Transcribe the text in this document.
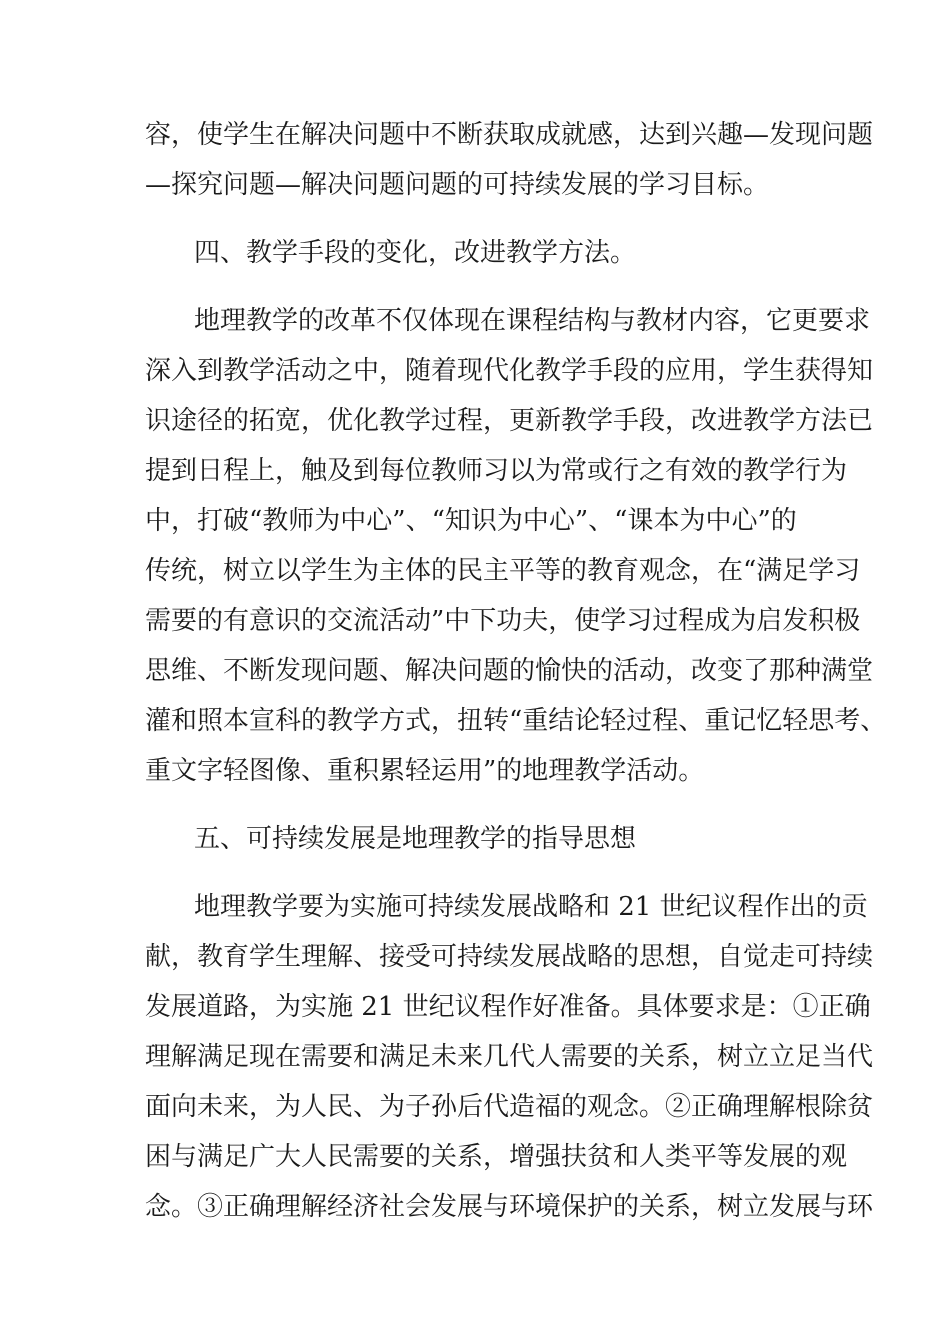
容，使学生在解决问题中不断获取成就感，达到兴趣—发现问题
—探究问题—解决问题问题的可持续发展的学习目标。
四、教学手段的变化，改进教学方法。
地理教学的改革不仅体现在课程结构与教材内容，它更要求
深入到教学活动之中，随着现代化教学手段的应用，学生获得知
识途径的拓宽，优化教学过程，更新教学手段，改进教学方法已
提到日程上，触及到每位教师习以为常或行之有效的教学行为
中，打破“教师为中心”、“知识为中心”、“课本为中心”的
传统，树立以学生为主体的民主平等的教育观念，在“满足学习
需要的有意识的交流活动”中下功夫，使学习过程成为启发积极
思维、不断发现问题、解决问题的愉快的活动，改变了那种满堂
灌和照本宣科的教学方式，扭转“重结论轻过程、重记忆轻思考、
重文字轻图像、重积累轻运用”的地理教学活动。
五、可持续发展是地理教学的指导思想
地理教学要为实施可持续发展战略和 21 世纪议程作出的贡
献，教育学生理解、接受可持续发展战略的思想，自觉走可持续
发展道路，为实施 21 世纪议程作好准备。具体要求是：①正确
理解满足现在需要和满足未来几代人需要的关系，树立立足当代
面向未来，为人民、为子孙后代造福的观念。②正确理解根除贫
困与满足广大人民需要的关系，增强扶贫和人类平等发展的观
念。③正确理解经济社会发展与环境保护的关系，树立发展与环
